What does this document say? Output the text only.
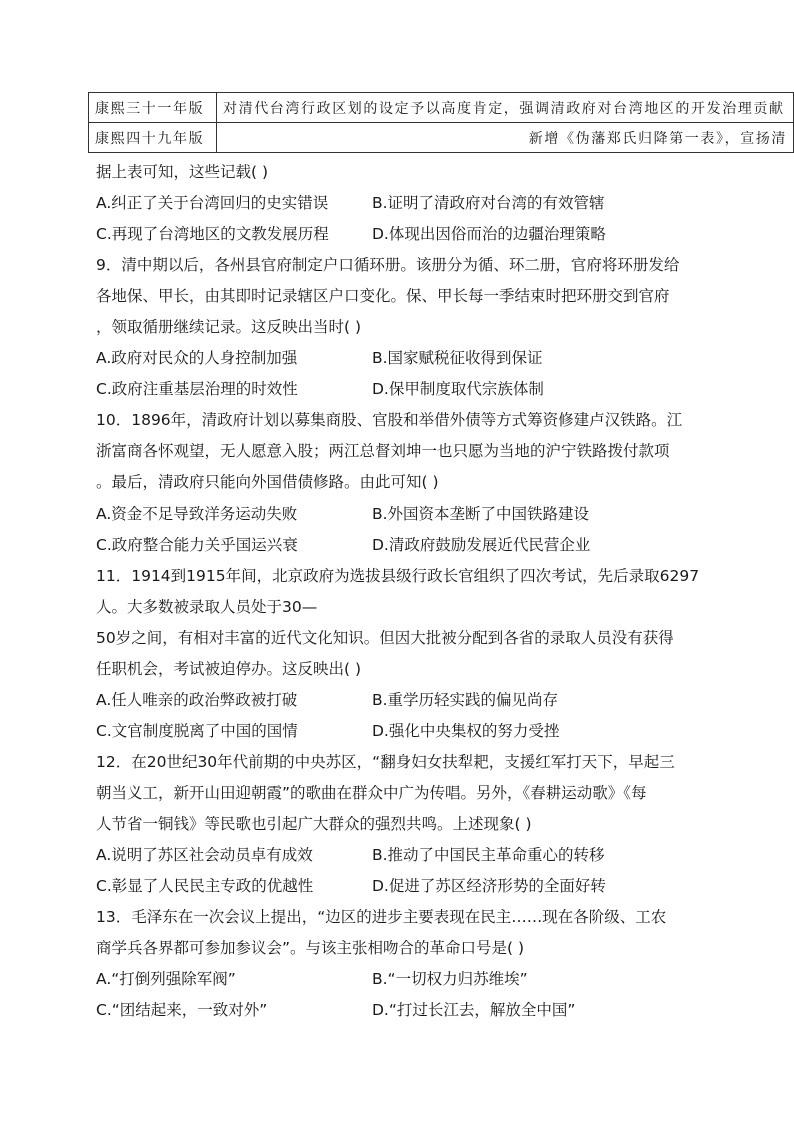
康熙三十一年版	对清代台湾行政区划的设定予以高度肯定，强调清政府对台湾地区的开发治理贡献
康熙四十九年版	新增《伪藩郑氏归降第一表》，宣扬清
据上表可知，这些记载( )
A.纠正了关于台湾回归的史实错误	B.证明了清政府对台湾的有效管辖
C.再现了台湾地区的文教发展历程	D.体现出因俗而治的边疆治理策略
9．清中期以后，各州县官府制定户口循环册。该册分为循、环二册，官府将环册发给
各地保、甲长，由其即时记录辖区户口变化。保、甲长每一季结束时把环册交到官府
，领取循册继续记录。这反映出当时( )
A.政府对民众的人身控制加强	B.国家赋税征收得到保证
C.政府注重基层治理的时效性	D.保甲制度取代宗族体制
10．1896年，清政府计划以募集商股、官股和举借外债等方式筹资修建卢汉铁路。江
浙富商各怀观望，无人愿意入股；两江总督刘坤一也只愿为当地的沪宁铁路拨付款项
。最后，清政府只能向外国借债修路。由此可知( )
A.资金不足导致洋务运动失败	B.外国资本垄断了中国铁路建设
C.政府整合能力关乎国运兴衰	D.清政府鼓励发展近代民营企业
11．1914到1915年间，北京政府为选拔县级行政长官组织了四次考试，先后录取6297
人。大多数被录取人员处于30—
50岁之间，有相对丰富的近代文化知识。但因大批被分配到各省的录取人员没有获得
任职机会，考试被迫停办。这反映出( )
A.任人唯亲的政治弊政被打破	B.重学历轻实践的偏见尚存
C.文官制度脱离了中国的国情	D.强化中央集权的努力受挫
12．在20世纪30年代前期的中央苏区，“翻身妇女扶犁耙，支援红军打天下，早起三
朝当义工，新开山田迎朝霞”的歌曲在群众中广为传唱。另外，《春耕运动歌》《每
人节省一铜钱》等民歌也引起广大群众的强烈共鸣。上述现象( )
A.说明了苏区社会动员卓有成效	B.推动了中国民主革命重心的转移
C.彰显了人民民主专政的优越性	D.促进了苏区经济形势的全面好转
13．毛泽东在一次会议上提出，“边区的进步主要表现在民主……现在各阶级、工农
商学兵各界都可参加参议会”。与该主张相吻合的革命口号是( )
A.“打倒列强除军阀”	B.“一切权力归苏维埃”
C.“团结起来，一致对外”	D.“打过长江去，解放全中国”
